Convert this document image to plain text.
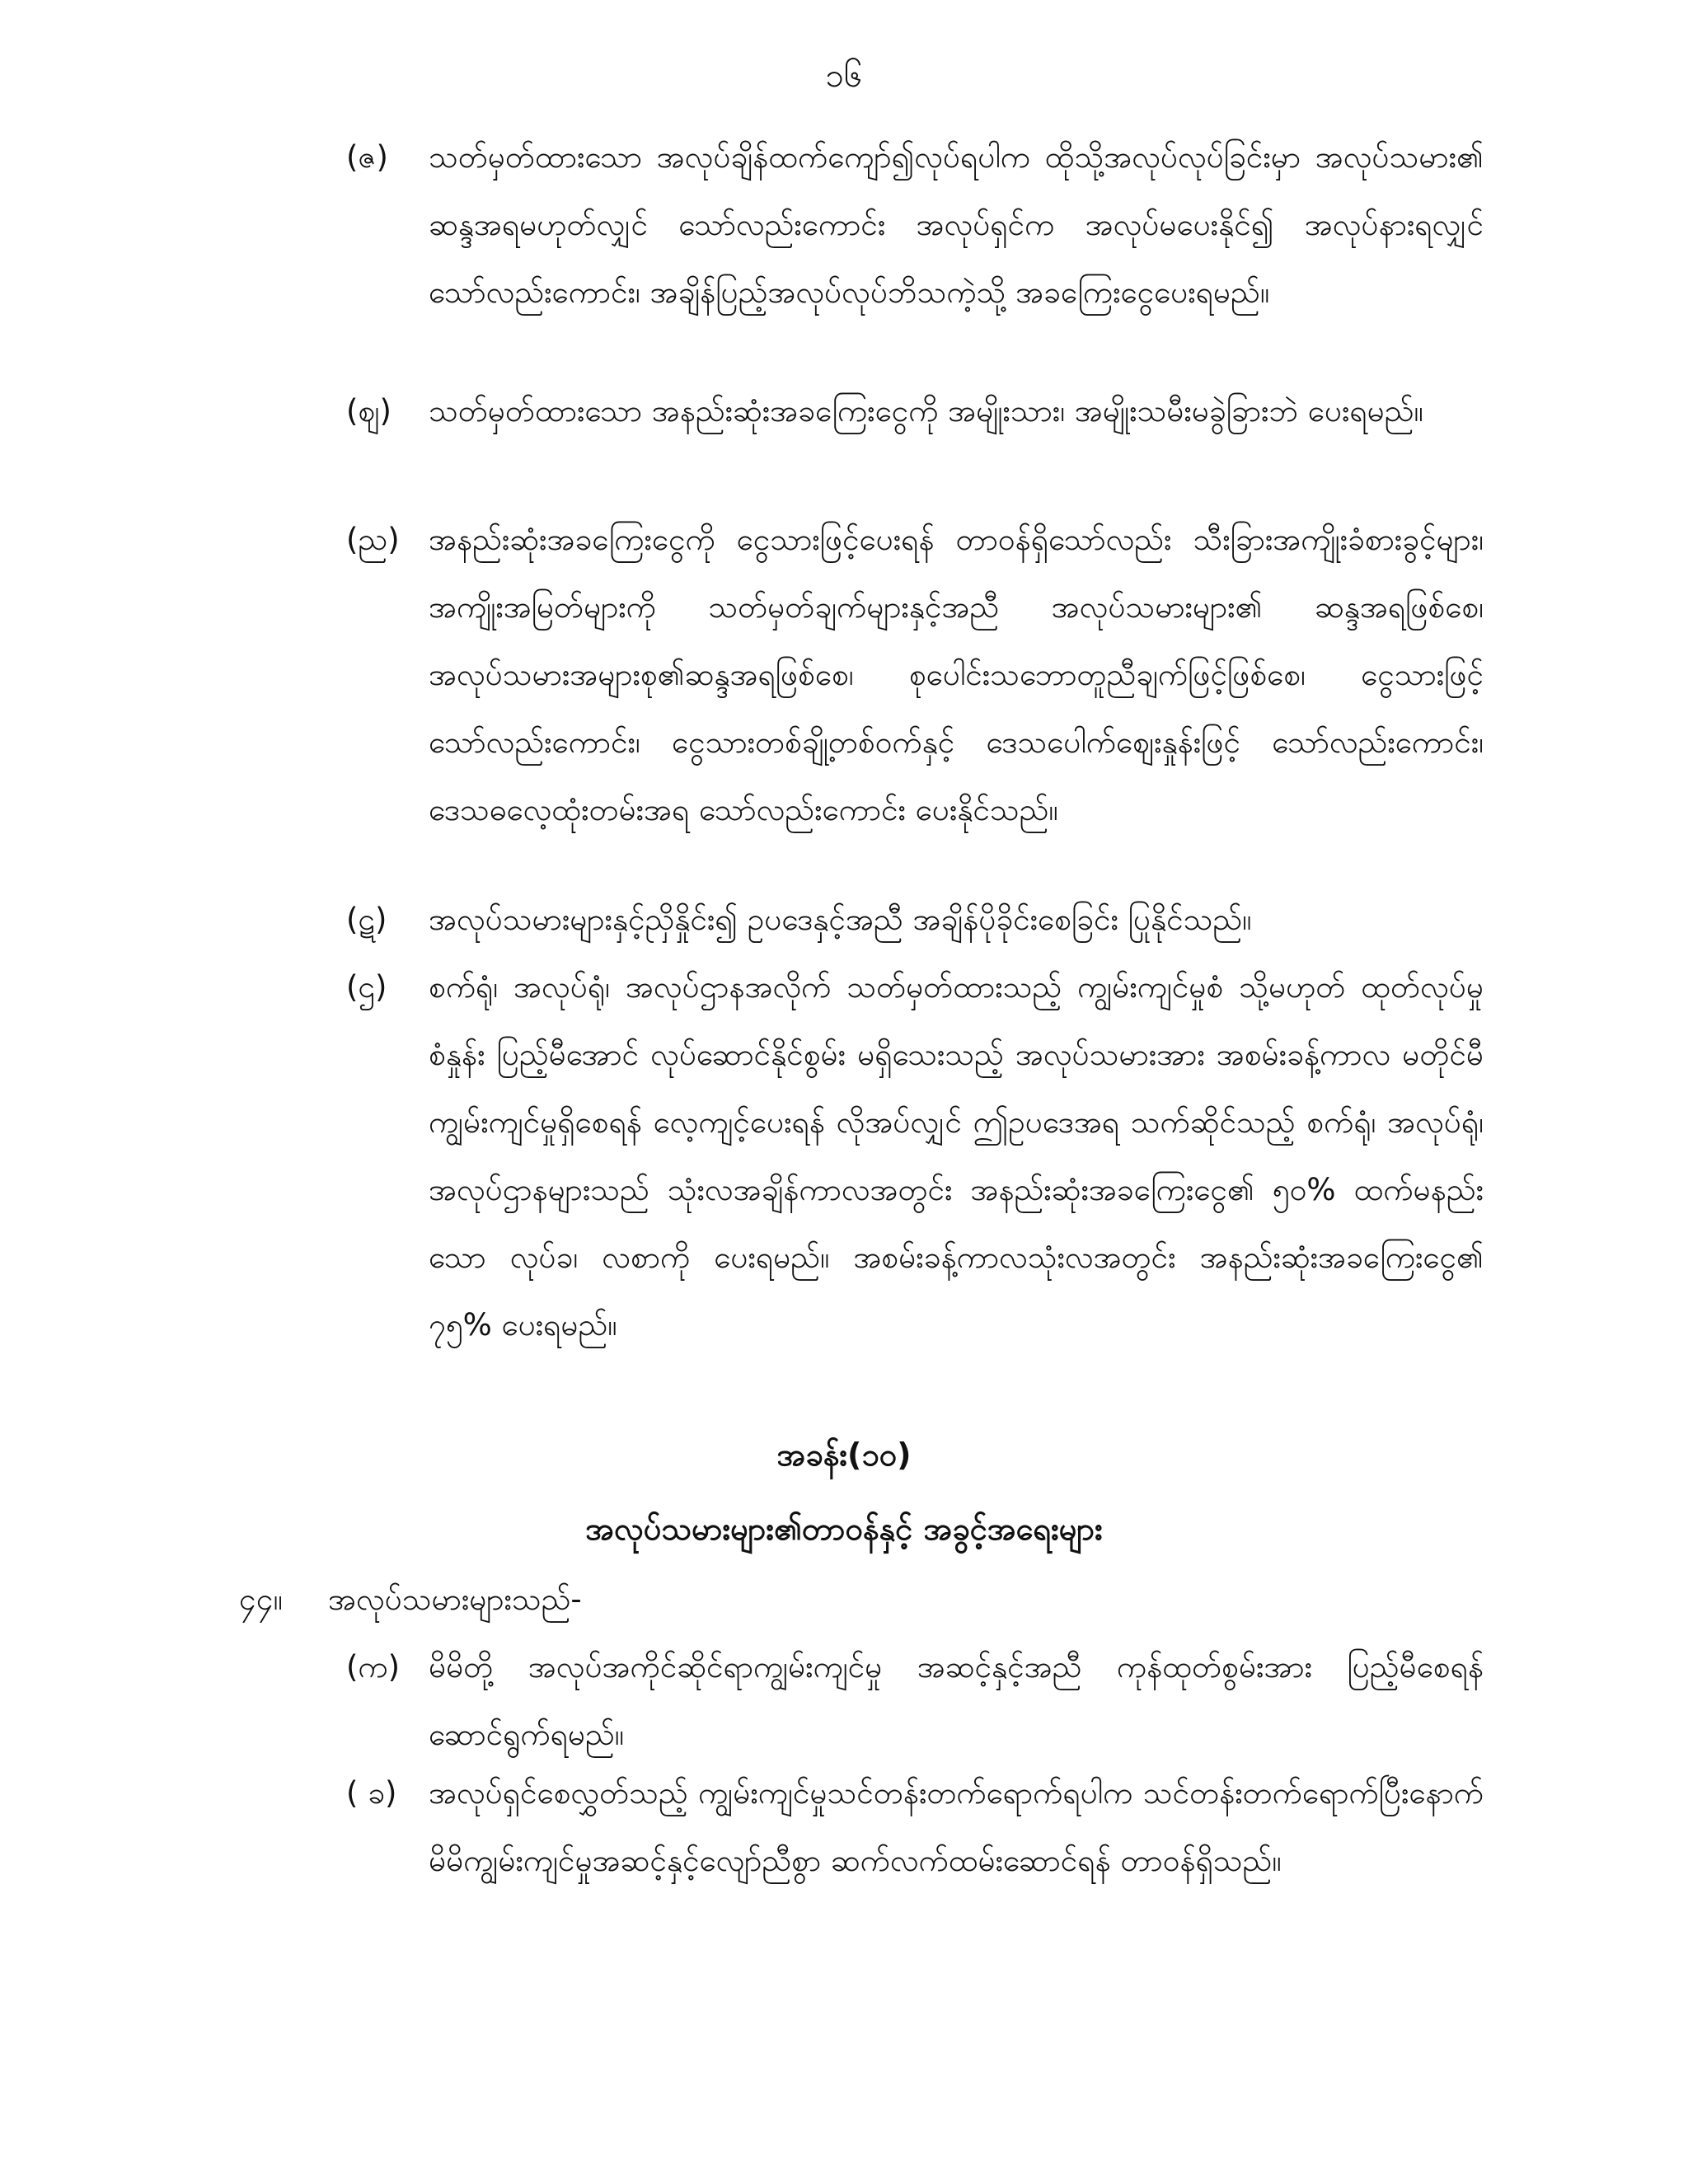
၁၆
(ဇ) သတ်မှတ်ထားသော အလုပ်ချိန်ထက်ကျော်၍လုပ်ရပါက ထိုသို့အလုပ်လုပ်ခြင်းမှာ အလုပ်သမား၏ ဆန္ဒအရမဟုတ်လျှင် သော်လည်းကောင်း အလုပ်ရှင်က အလုပ်မပေးနိုင်၍ အလုပ်နားရလျှင် သော်လည်းကောင်း၊ အချိန်ပြည့်အလုပ်လုပ်ဘိသကဲ့သို့ အခကြေးငွေပေးရမည်။
(ဈ) သတ်မှတ်ထားသော အနည်းဆုံးအခကြေးငွေကို အမျိုးသား၊ အမျိုးသမီးမခွဲခြားဘဲ ပေးရမည်။
(ည) အနည်းဆုံးအခကြေးငွေကို ငွေသားဖြင့်ပေးရန် တာဝန်ရှိသော်လည်း သီးခြားအကျိုးခံစားခွင့်များ၊ အကျိုးအမြတ်များကို သတ်မှတ်ချက်များနှင့်အညီ အလုပ်သမားများ၏ ဆန္ဒအရဖြစ်စေ၊ အလုပ်သမားအများစု၏ဆန္ဒအရဖြစ်စေ၊ စုပေါင်းသဘောတူညီချက်ဖြင့်ဖြစ်စေ၊ ငွေသားဖြင့်သော်လည်းကောင်း၊ ငွေသားတစ်ချို့တစ်ဝက်နှင့် ဒေသပေါက်ဈေးနှုန်းဖြင့် သော်လည်းကောင်း၊ ဒေသဓလေ့ထုံးတမ်းအရ သော်လည်းကောင်း ပေးနိုင်သည်။
(ဋ) အလုပ်သမားများနှင့်ညှိနှိုင်း၍ ဥပဒေနှင့်အညီ အချိန်ပိုခိုင်းစေခြင်း ပြုနိုင်သည်။
(ဌ) စက်ရုံ၊ အလုပ်ရုံ၊ အလုပ်ဌာနအလိုက် သတ်မှတ်ထားသည့် ကျွမ်းကျင်မှုစံ သို့မဟုတ် ထုတ်လုပ်မှုစံနှုန်း ပြည့်မီအောင် လုပ်ဆောင်နိုင်စွမ်း မရှိသေးသည့် အလုပ်သမားအား အစမ်းခန့်ကာလ မတိုင်မီကျွမ်းကျင်မှုရှိစေရန် လေ့ကျင့်ပေးရန် လိုအပ်လျှင် ဤဥပဒေအရ သက်ဆိုင်သည့် စက်ရုံ၊ အလုပ်ရုံ၊ အလုပ်ဌာနများသည် သုံးလအချိန်ကာလအတွင်း အနည်းဆုံးအခကြေးငွေ၏ ၅၀% ထက်မနည်းသော လုပ်ခ၊ လစာကို ပေးရမည်။ အစမ်းခန့်ကာလသုံးလအတွင်း အနည်းဆုံးအခကြေးငွေ၏ ၇၅% ပေးရမည်။
အခန်း(၁၀)
အလုပ်သမားများ၏တာဝန်နှင့် အခွင့်အရေးများ
၄၄။ အလုပ်သမားများသည်-
(က) မိမိတို့ အလုပ်အကိုင်ဆိုင်ရာကျွမ်းကျင်မှု အဆင့်နှင့်အညီ ကုန်ထုတ်စွမ်းအား ပြည့်မီစေရန်ဆောင်ရွက်ရမည်။
( ခ) အလုပ်ရှင်စေလွှတ်သည့် ကျွမ်းကျင်မှုသင်တန်းတက်ရောက်ရပါက သင်တန်းတက်ရောက်ပြီးနောက် မိမိကျွမ်းကျင်မှုအဆင့်နှင့်လျော်ညီစွာ ဆက်လက်ထမ်းဆောင်ရန် တာဝန်ရှိသည်။
